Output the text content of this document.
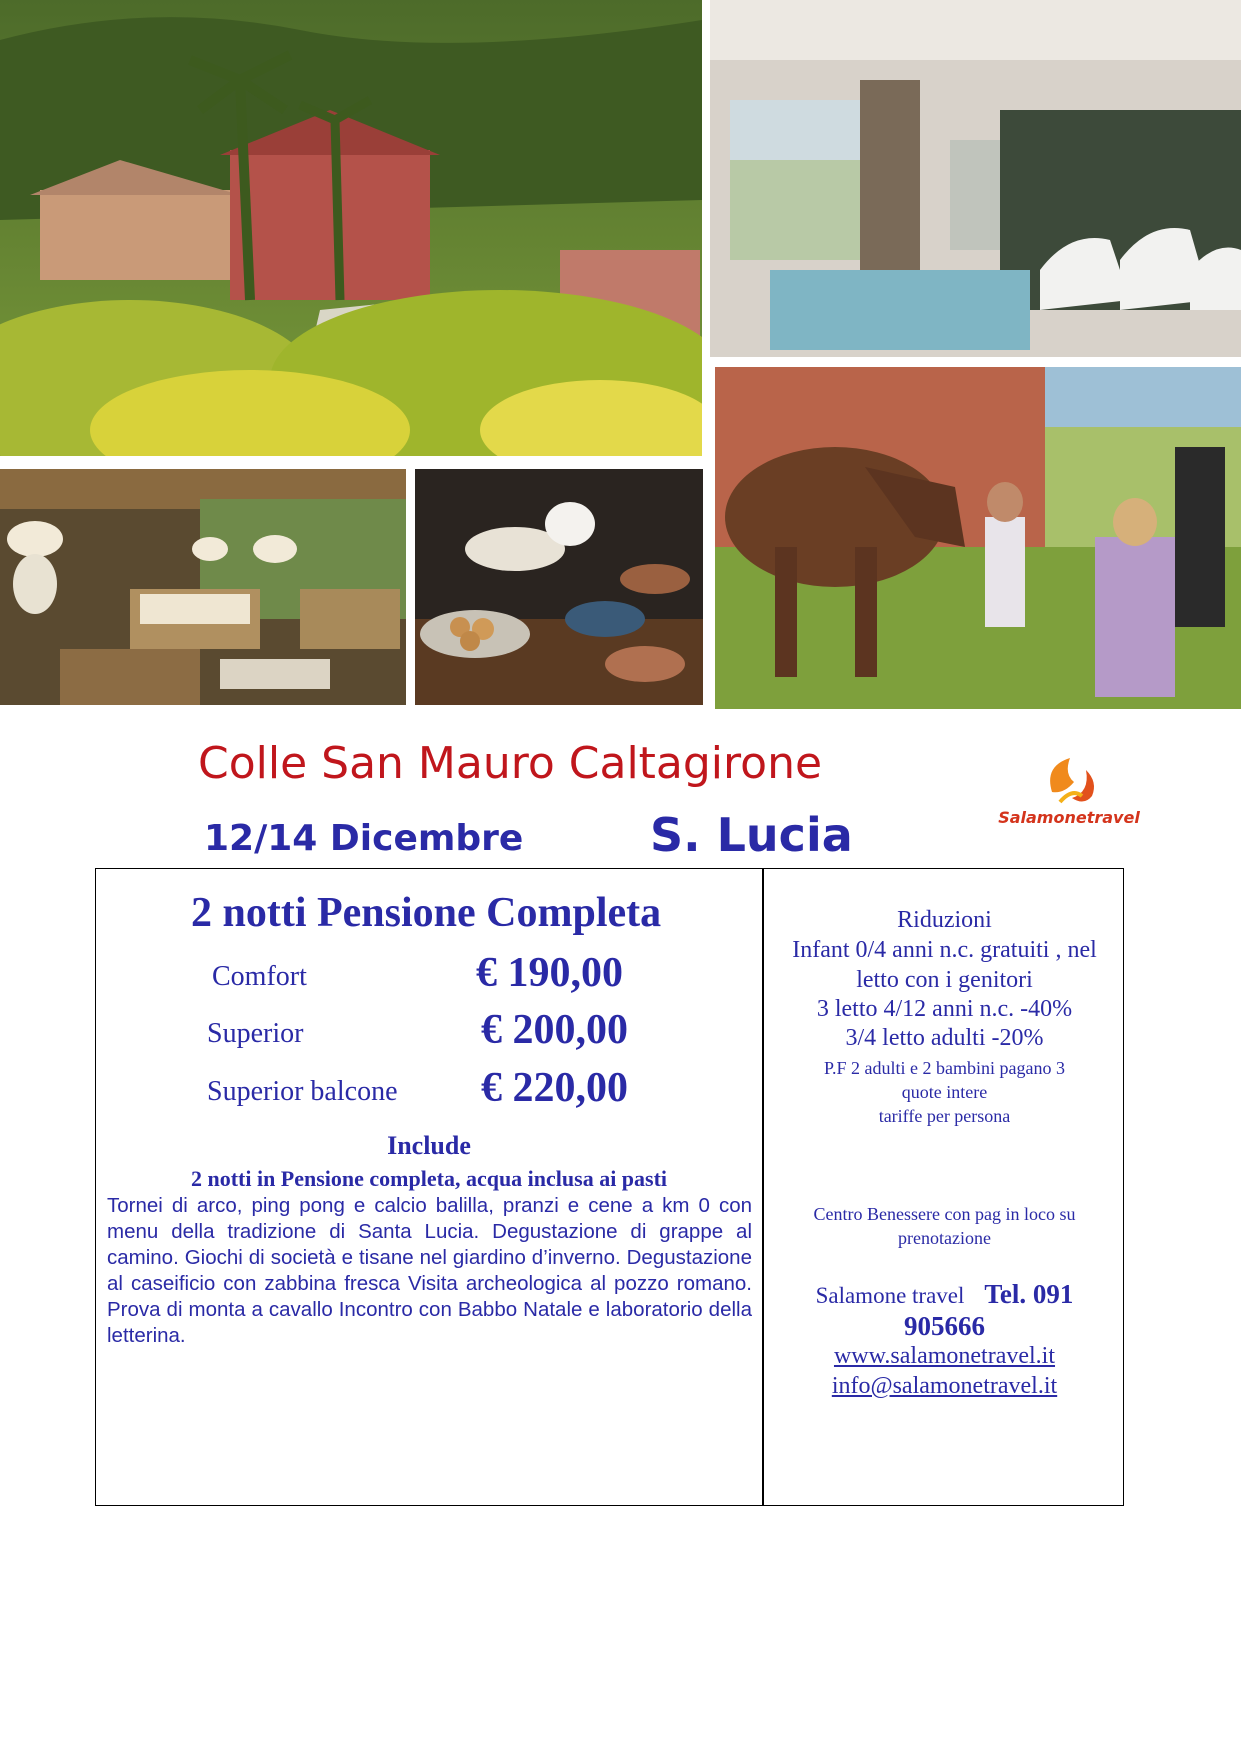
Colle San Mauro Caltagirone
12/14 Dicembre	S. Lucia	Salamonetravel
2 notti Pensione Completa
Comfort	€ 190,00
Superior	€ 200,00
Superior balcone € 220,00
Include
2 notti in Pensione completa, acqua inclusa ai pasti
Tornei di arco, ping pong e calcio balilla, pranzi e cene a km 0 con menu della tradizione di Santa Lucia. Degustazione di grappe al camino. Giochi di società e tisane nel giardino d’inverno. Degustazione al caseificio con zabbina fresca Visita archeologica al pozzo romano. Prova di monta a cavallo Incontro con Babbo Natale e laboratorio della letterina.
Riduzioni
Infant 0/4 anni n.c. gratuiti , nel
letto con i genitori
3 letto 4/12 anni n.c. -40%
3/4 letto adulti -20%
P.F 2 adulti e 2 bambini pagano 3
quote intere
tariffe per persona
Centro Benessere con pag in loco su
prenotazione
Salamone travel Tel. 091
905666
www.salamonetravel.it
info@salamonetravel.it
